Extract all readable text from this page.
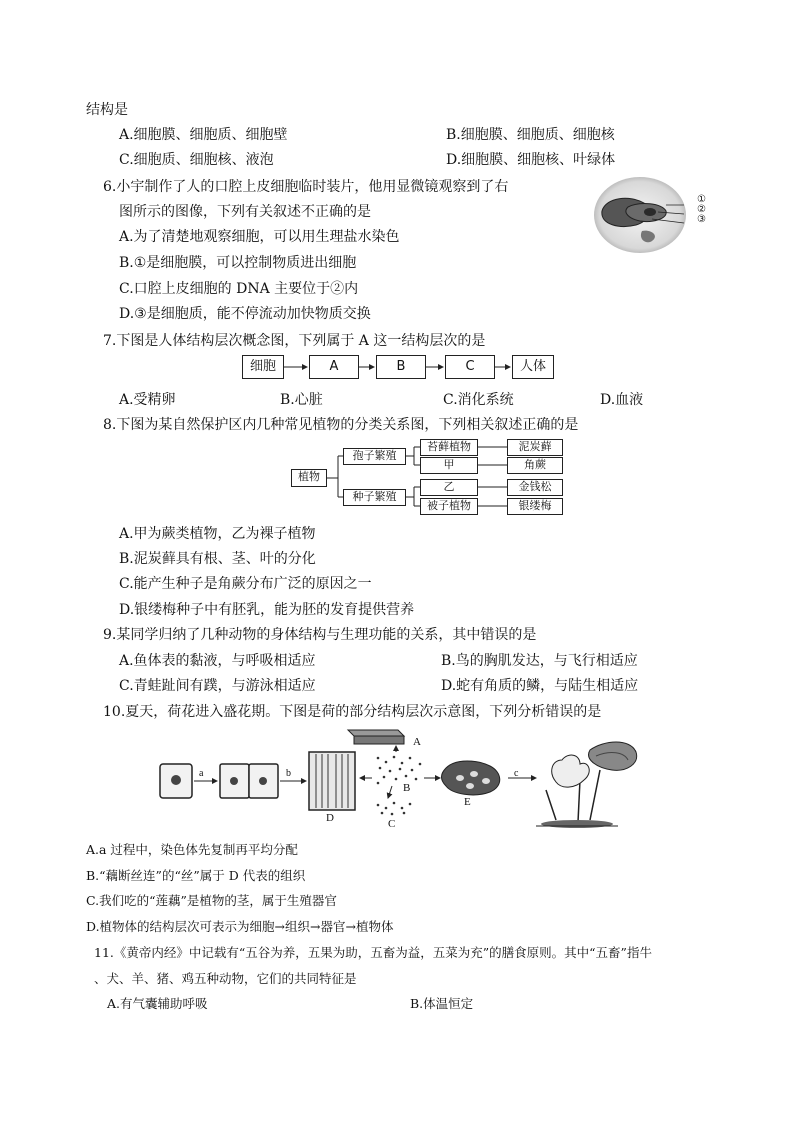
结构是
A.细胞膜、细胞质、细胞壁	B.细胞膜、细胞质、细胞核
C.细胞质、细胞核、液泡	D.细胞膜、细胞核、叶绿体
6.小宇制作了人的口腔上皮细胞临时装片，他用显微镜观察到了右
图所示的图像，下列有关叙述不正确的是
A.为了清楚地观察细胞，可以用生理盐水染色
B.①是细胞膜，可以控制物质进出细胞
C.口腔上皮细胞的 DNA 主要位于②内
D.③是细胞质，能不停流动加快物质交换
①
②
③
7.下图是人体结构层次概念图，下列属于 A 这一结构层次的是
细胞	A	B	C	人体
A.受精卵	B.心脏	C.消化系统	D.血液
8.下图为某自然保护区内几种常见植物的分类关系图，下列相关叙述正确的是
植物
孢子繁殖
种子繁殖
苔藓植物
甲
乙
被子植物
泥炭藓
角蕨
金钱松
银缕梅
A.甲为蕨类植物，乙为裸子植物
B.泥炭藓具有根、茎、叶的分化
C.能产生种子是角蕨分布广泛的原因之一
D.银缕梅种子中有胚乳，能为胚的发育提供营养
9.某同学归纳了几种动物的身体结构与生理功能的关系，其中错误的是
A.鱼体表的黏液，与呼吸相适应	B.鸟的胸肌发达，与飞行相适应
C.青蛙趾间有蹼，与游泳相适应	D.蛇有角质的鳞，与陆生相适应
10.夏天，荷花进入盛花期。下图是荷的部分结构层次示意图，下列分析错误的是
a	b
A
B
C
D
E
c
A.a 过程中，染色体先复制再平均分配
B.“藕断丝连”的“丝”属于 D 代表的组织
C.我们吃的“莲藕”是植物的茎，属于生殖器官
D.植物体的结构层次可表示为细胞→组织→器官→植物体
11.《黄帝内经》中记载有“五谷为养，五果为助，五畜为益，五菜为充”的膳食原则。其中“五畜”指牛
、犬、羊、猪、鸡五种动物，它们的共同特征是
A.有气囊辅助呼吸	B.体温恒定
